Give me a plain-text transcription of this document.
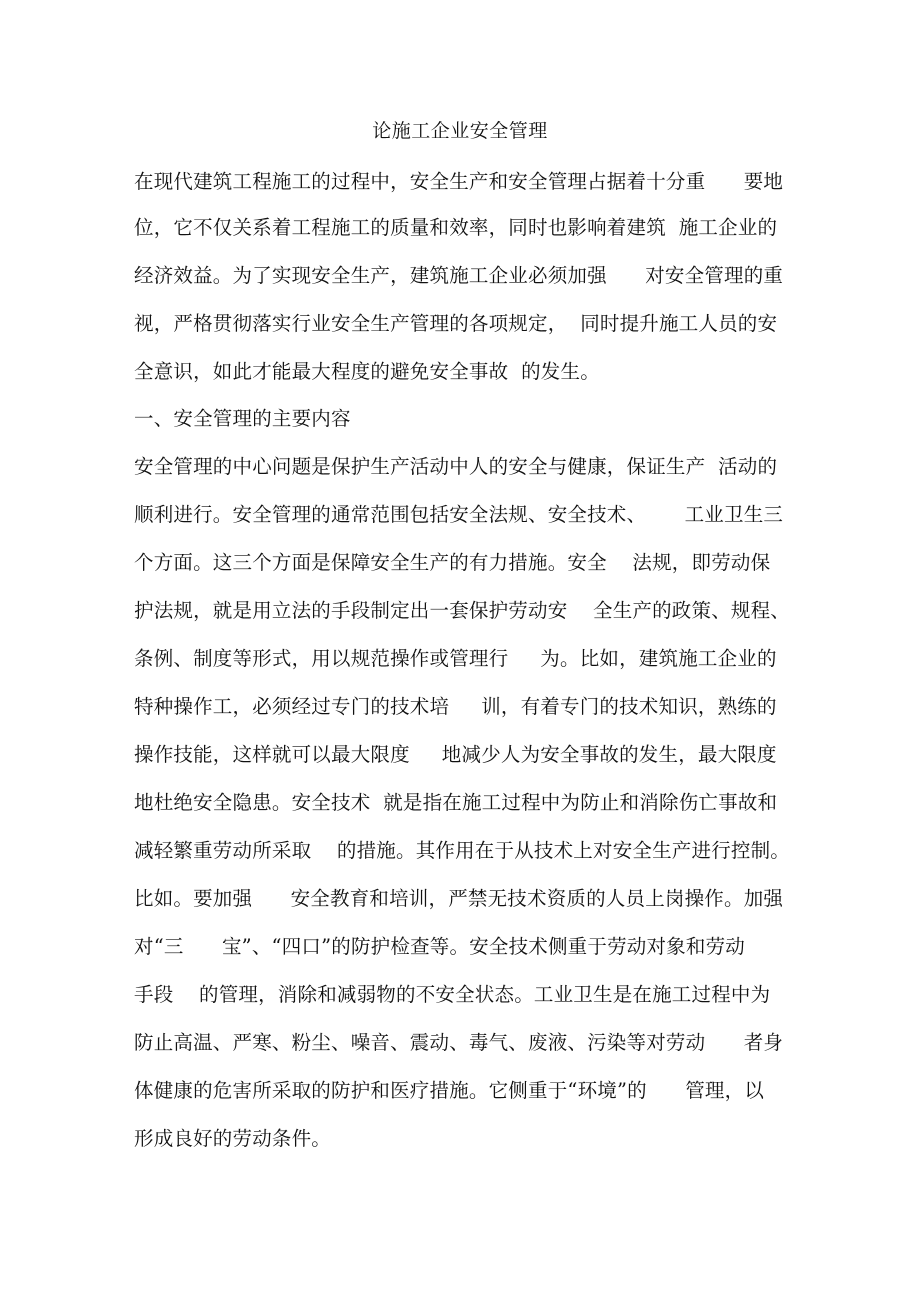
论施工企业安全管理
在现代建筑工程施工的过程中，安全生产和安全管理占据着十分重      要地
位，它不仅关系着工程施工的质量和效率，同时也影响着建筑  施工企业的
经济效益。为了实现安全生产，建筑施工企业必须加强      对安全管理的重
视，严格贯彻落实行业安全生产管理的各项规定，  同时提升施工人员的安
全意识，如此才能最大程度的避免安全事故  的发生。
一、安全管理的主要内容
安全管理的中心问题是保护生产活动中人的安全与健康，保证生产  活动的
顺利进行。安全管理的通常范围包括安全法规、安全技术、      工业卫生三
个方面。这三个方面是保障安全生产的有力措施。安全    法规，即劳动保
护法规，就是用立法的手段制定出一套保护劳动安    全生产的政策、规程、
条例、制度等形式，用以规范操作或管理行     为。比如，建筑施工企业的
特种操作工，必须经过专门的技术培     训，有着专门的技术知识，熟练的
操作技能，这样就可以最大限度     地减少人为安全事故的发生，最大限度
地杜绝安全隐患。安全技术  就是指在施工过程中为防止和消除伤亡事故和
减轻繁重劳动所采取    的措施。其作用在于从技术上对安全生产进行控制。
比如。要加强      安全教育和培训，严禁无技术资质的人员上岗操作。加强
对“三      宝”、“四口”的防护检查等。安全技术侧重于劳动对象和劳动
手段    的管理，消除和减弱物的不安全状态。工业卫生是在施工过程中为
防止高温、严寒、粉尘、噪音、震动、毒气、废液、污染等对劳动      者身
体健康的危害所采取的防护和医疗措施。它侧重于“环境”的      管理，以
形成良好的劳动条件。
